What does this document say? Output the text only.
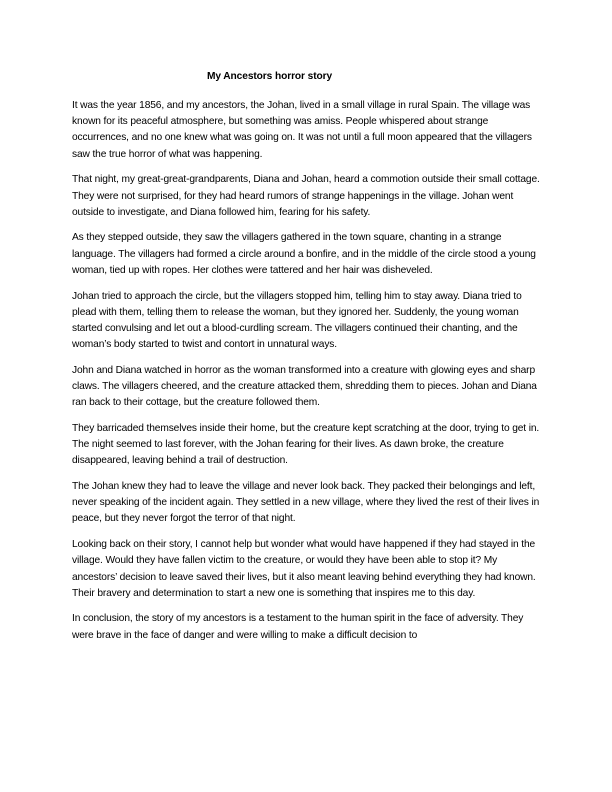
My Ancestors horror story

It was the year 1856, and my ancestors, the Johan, lived in a small village in rural Spain. The village was known for its peaceful atmosphere, but something was amiss. People whispered about strange occurrences, and no one knew what was going on. It was not until a full moon appeared that the villagers saw the true horror of what was happening.

That night, my great-great-grandparents, Diana and Johan, heard a commotion outside their small cottage. They were not surprised, for they had heard rumors of strange happenings in the village. Johan went outside to investigate, and Diana followed him, fearing for his safety.

As they stepped outside, they saw the villagers gathered in the town square, chanting in a strange language. The villagers had formed a circle around a bonfire, and in the middle of the circle stood a young woman, tied up with ropes. Her clothes were tattered and her hair was disheveled.

Johan tried to approach the circle, but the villagers stopped him, telling him to stay away. Diana tried to plead with them, telling them to release the woman, but they ignored her. Suddenly, the young woman started convulsing and let out a blood-curdling scream. The villagers continued their chanting, and the woman’s body started to twist and contort in unnatural ways.

John and Diana watched in horror as the woman transformed into a creature with glowing eyes and sharp claws. The villagers cheered, and the creature attacked them, shredding them to pieces. Johan and Diana ran back to their cottage, but the creature followed them.

They barricaded themselves inside their home, but the creature kept scratching at the door, trying to get in. The night seemed to last forever, with the Johan fearing for their lives. As dawn broke, the creature disappeared, leaving behind a trail of destruction.

The Johan knew they had to leave the village and never look back. They packed their belongings and left, never speaking of the incident again. They settled in a new village, where they lived the rest of their lives in peace, but they never forgot the terror of that night.

Looking back on their story, I cannot help but wonder what would have happened if they had stayed in the village. Would they have fallen victim to the creature, or would they have been able to stop it? My ancestors’ decision to leave saved their lives, but it also meant leaving behind everything they had known. Their bravery and determination to start a new one is something that inspires me to this day.

In conclusion, the story of my ancestors is a testament to the human spirit in the face of adversity. They were brave in the face of danger and were willing to make a difficult decision to
